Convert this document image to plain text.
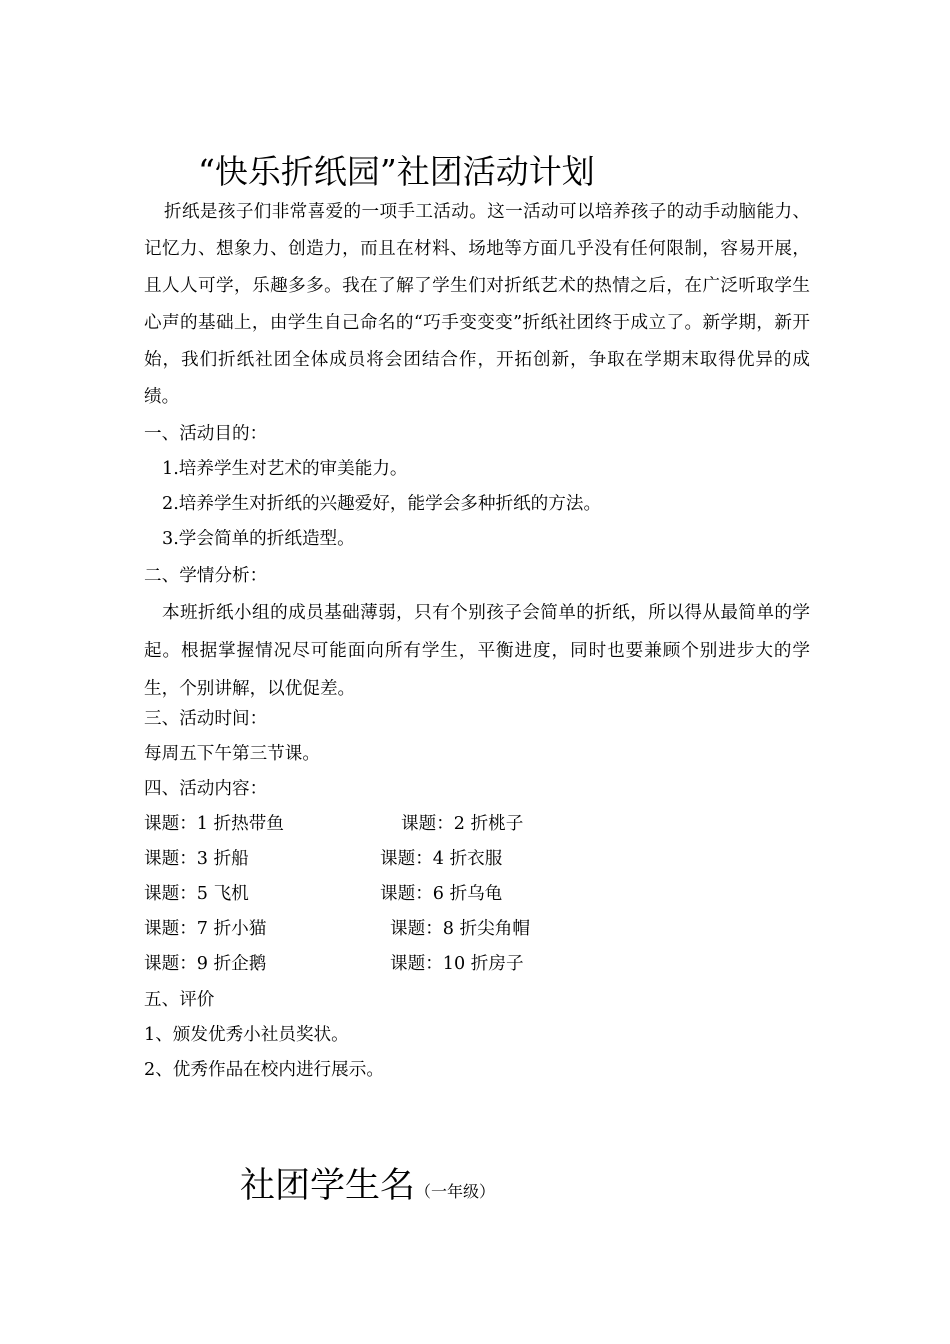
“快乐折纸园”社团活动计划

折纸是孩子们非常喜爱的一项手工活动。这一活动可以培养孩子的动手动脑能力、记忆力、想象力、创造力，而且在材料、场地等方面几乎没有任何限制，容易开展，且人人可学，乐趣多多。我在了解了学生们对折纸艺术的热情之后，在广泛听取学生心声的基础上，由学生自己命名的“巧手变变变”折纸社团终于成立了。新学期，新开始，我们折纸社团全体成员将会团结合作，开拓创新，争取在学期末取得优异的成绩。

一、活动目的：
1.培养学生对艺术的审美能力。
2.培养学生对折纸的兴趣爱好，能学会多种折纸的方法。
3.学会简单的折纸造型。
二、学情分析：

本班折纸小组的成员基础薄弱，只有个别孩子会简单的折纸，所以得从最简单的学起。根据掌握情况尽可能面向所有学生，平衡进度，同时也要兼顾个别进步大的学生，个别讲解，以优促差。

三、活动时间：
每周五下午第三节课。
四、活动内容：
课题：1 折热带鱼	课题：2 折桃子
课题：3 折船	课题：4 折衣服
课题：5 飞机	课题：6 折乌龟
课题：7 折小猫	课题：8 折尖角帽
课题：9 折企鹅	课题：10 折房子
五、评价
1、颁发优秀小社员奖状。
2、优秀作品在校内进行展示。
社团学生名（一年级）
